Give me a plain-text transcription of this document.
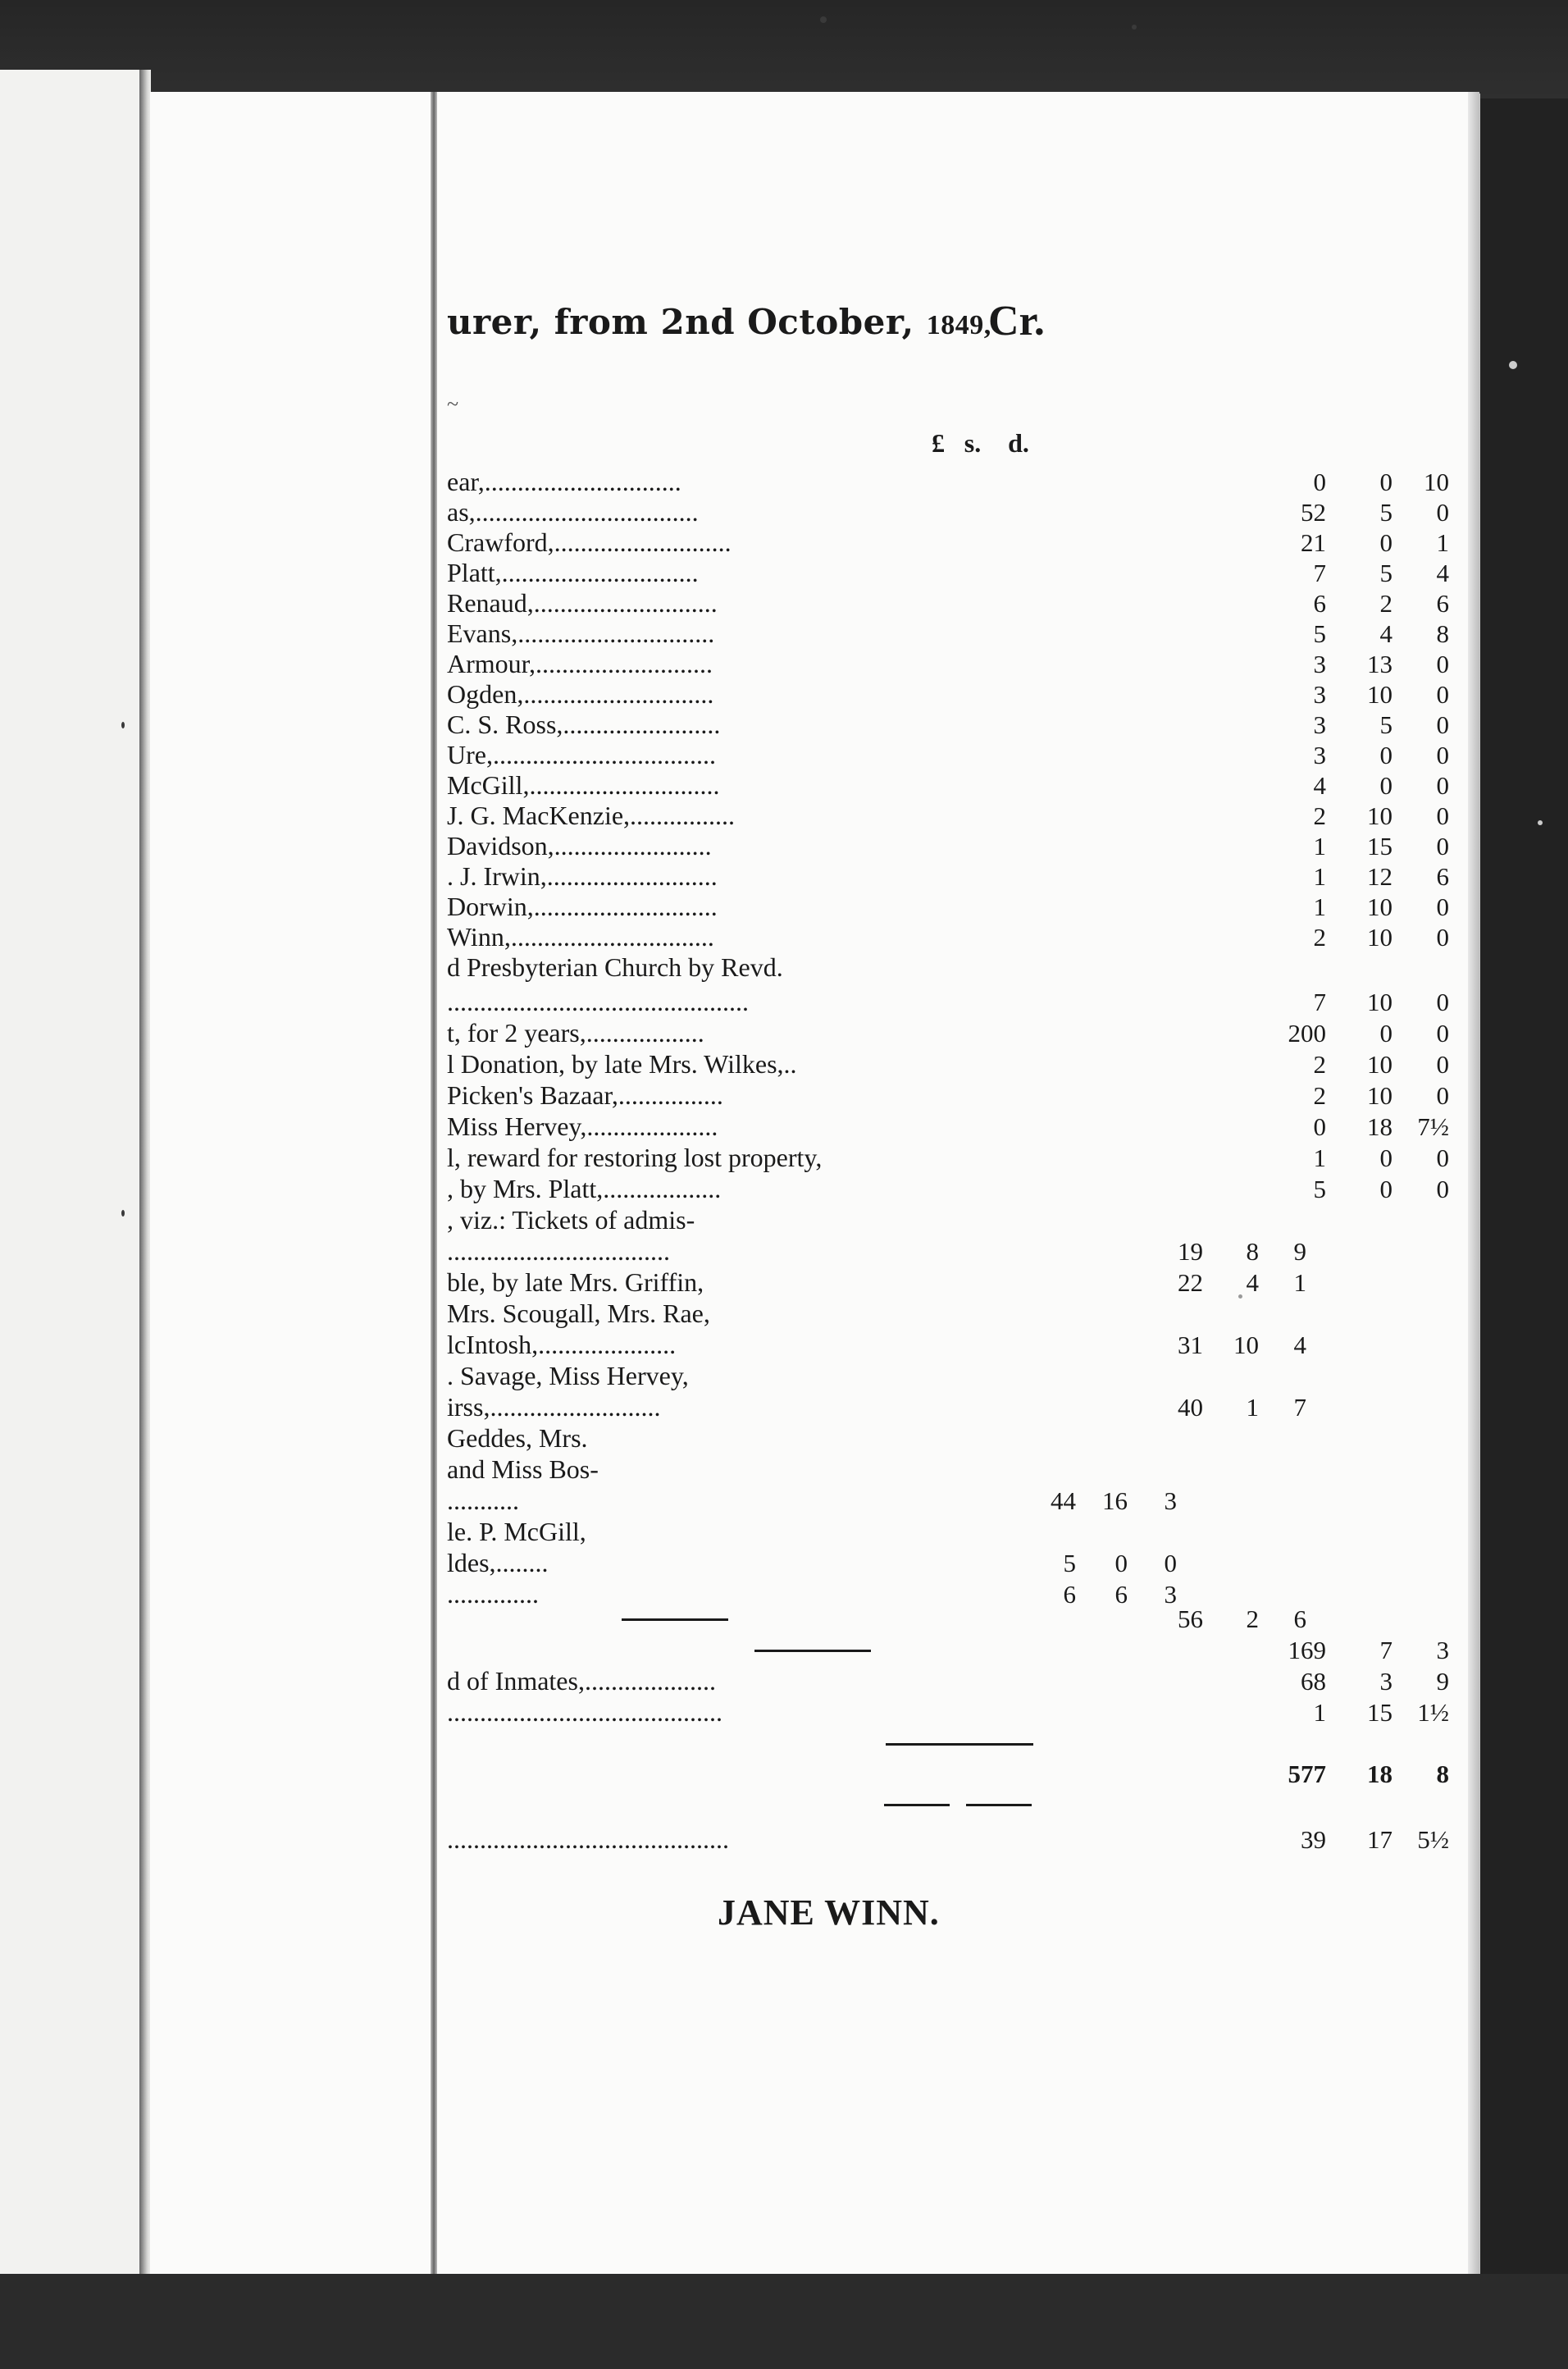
urer, from 2nd October, 1849,
Cr.
~
£ s.	d.
ear,..............................	0	0	10
as,..................................	52	5	0
Crawford,...........................	21	0	1
Platt,..............................	7	5	4
Renaud,............................	6	2	6
Evans,..............................	5	4	8
Armour,...........................	3	13	0
Ogden,.............................	3	10	0
C. S. Ross,........................	3	5	0
Ure,..................................	3	0	0
McGill,.............................	4	0	0
J. G. MacKenzie,................	2	10	0
Davidson,........................	1	15	0
. J. Irwin,..........................	1	12	6
Dorwin,............................	1	10	0
Winn,...............................	2	10	0
d Presbyterian Church by Revd.
..............................................	7	10	0
t, for 2 years,..................	200	0	0
l Donation, by late Mrs. Wilkes,..	2	10	0
Picken's Bazaar,................	2	10	0
Miss Hervey,....................	0	18 7½
l, reward for restoring lost property,	1	0	0
, by Mrs. Platt,..................	5	0	0
, viz.: Tickets of admis-
..................................	19	8	9
ble, by late Mrs. Griffin,	22	4	1
Mrs. Scougall, Mrs. Rae,
lcIntosh,.....................	31 10	4
. Savage, Miss Hervey,
irss,..........................	40	1	7
Geddes, Mrs.
and Miss Bos-
...........	44 16	3
le. P. McGill,
ldes,........	5	0	0
..............	6	6	3
56	2	6
169	7	3
d of Inmates,....................	68	3	9
..........................................	1	15 1½
577	18	8
...........................................	39	17 5½
JANE WINN.
